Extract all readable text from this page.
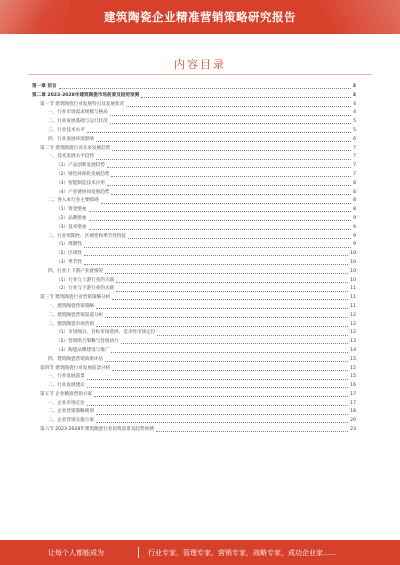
建筑陶瓷企业精准营销策略研究报告
内容目录
第一章 前言	3
第二章 2023-2028年建筑陶瓷市场前景及趋势预测	3
第一节 建筑陶瓷行业发展特点及发展状况	4
一、行业市场需求规模与格局	4
二、行业发展基础与运行状况	5
三、行业技术水平	5
四、行业发展环境影响	6
第二节 建筑陶瓷行业未来发展趋势	7
一、技术发展水平趋势	7
（1）产品创新发展趋势	7
（2）绿色环保化发展趋势	7
（3）智能制造技术应用	8
（4）产业链协同发展趋势	8
二、进入本行业主要障碍	8
（1）资金壁垒	8
（2）品牌壁垒	9
（3）技术壁垒	9
三、行业周期性、区域性和季节性特征	9
（1）周期性	9
（2）区域性	10
（3）季节性	10
四、行业上下游产业链情况	10
（1）行业与上游行业的关联	10
（2）行业与下游行业的关联	11
第三节 建筑陶瓷行业营销策略分析	11
一、建筑陶瓷营销策略	11
二、建筑陶瓷营销渠道分析	12
三、建筑陶瓷市场营销	12
（1）市场细分、目标市场选择、竞争性市场定位	12
（2）营销组合策略与营销执行	13
（3）陶瓷品牌建设与推广	14
四、建筑陶瓷营销效果评估	15
第四节 建筑陶瓷行业发展前景分析	15
一、行业发展前景	15
二、行业发展建议	16
第五节 企业精准营销方案	17
一、企业市场定位	17
二、企业营销策略规划	18
三、企业营销实施方案	20
第六节 2023-2028年建筑陶瓷行业投资前景及趋势预测	23
让每个人都能成为	行业专家，管理专家，营销专家，战略专家，成功企业家……
